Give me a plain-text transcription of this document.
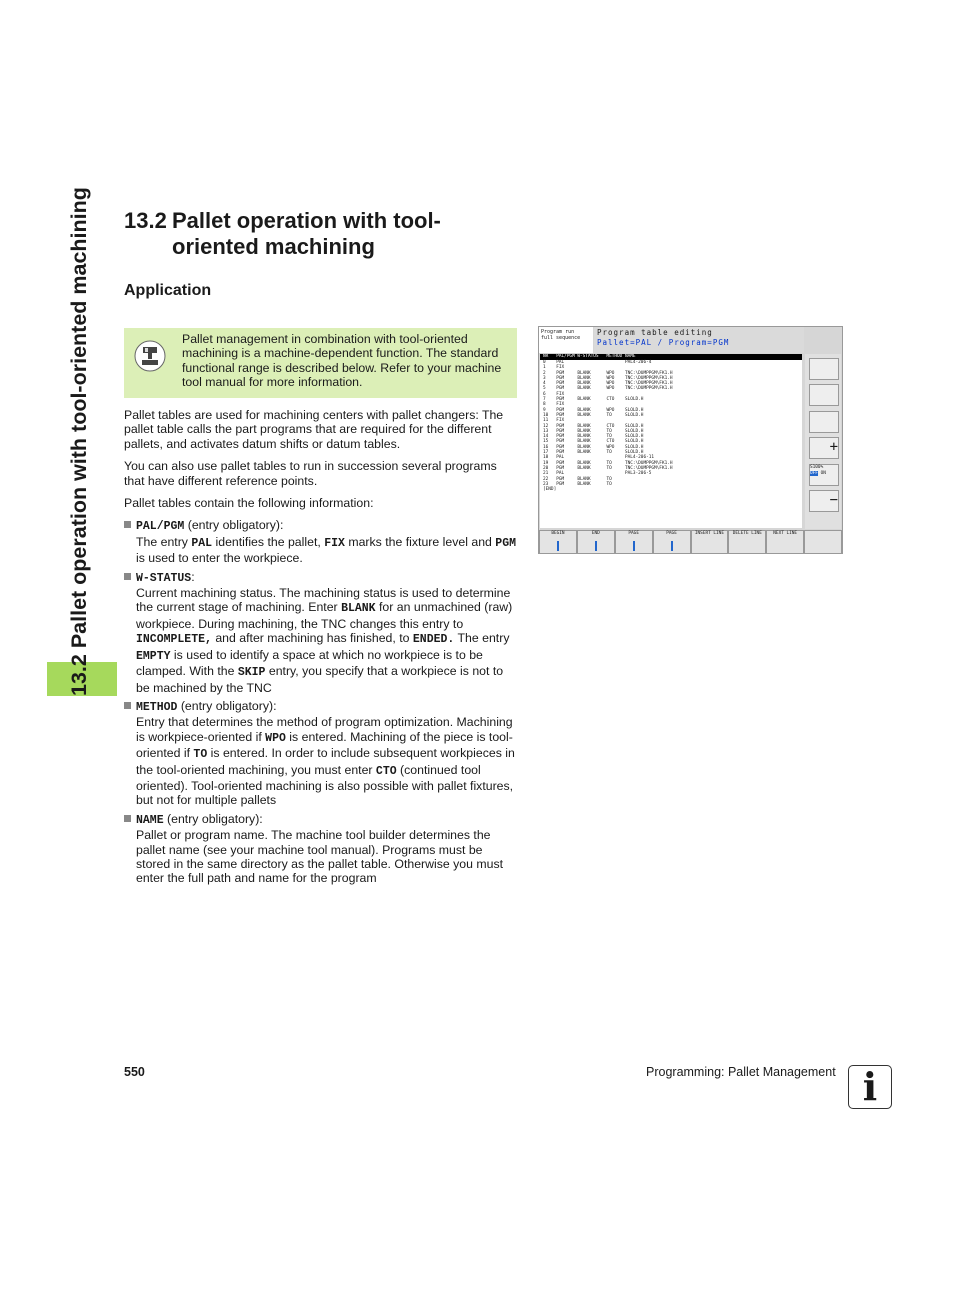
13.2 Pallet operation with tool-oriented machining	13.2 Pallet operation with tool-
oriented machining
Application
Pallet management in combination with tool-oriented machining is a machine-dependent function. The standard functional range is described below. Refer to your machine tool manual for more information.

Pallet tables are used for machining centers with pallet changers: The pallet table calls the part programs that are required for the different pallets, and activates datum shifts or datum tables.

You can also use pallet tables to run in succession several programs that have different reference points.

Pallet tables contain the following information:

PAL/PGM (entry obligatory):
The entry PAL identifies the pallet, FIX marks the fixture level and PGM is used to enter the workpiece.
W-STATUS:
Current machining status. The machining status is used to determine the current stage of machining. Enter BLANK for an unmachined (raw) workpiece. During machining, the TNC changes this entry to INCOMPLETE, and after machining has finished, to ENDED. The entry EMPTY is used to identify a space at which no workpiece is to be clamped. With the SKIP entry, you specify that a workpiece is not to be machined by the TNC
METHOD (entry obligatory):
Entry that determines the method of program optimization. Machining is workpiece-oriented if WPO is entered. Machining of the piece is tool-oriented if TO is entered. In order to include subsequent workpieces in the tool-oriented machining, you must enter CTO (continued tool oriented). Tool-oriented machining is also possible with pallet fixtures, but not for multiple pallets
NAME (entry obligatory):
Pallet or program name. The machine tool builder determines the pallet name (see your machine tool manual). Programs must be stored in the same directory as the pallet table. Otherwise you must enter the full path and name for the program
Program run
full sequence
Program table editing
Pallet=PAL / Program=PGM
NR   PAL/PGM W-STATUS   METHOD NAME
0    PAL                       PAL4-206-4
1    FIX
2    PGM     BLANK      WPO    TNC:\DUMPPGM\FK1.H
3    PGM     BLANK      WPO    TNC:\DUMPPGM\FK1.H
4    PGM     BLANK      WPO    TNC:\DUMPPGM\FK1.H
5    PGM     BLANK      WPO    TNC:\DUMPPGM\FK1.H
6    FIX
7    PGM     BLANK      CTO    SLOLD.H
8    FIX
9    PGM     BLANK      WPO    SLOLD.H
10   PGM     BLANK      TO     SLOLD.H
11   FIX
12   PGM     BLANK      CTO    SLOLD.H
13   PGM     BLANK      TO     SLOLD.H
14   PGM     BLANK      TO     SLOLD.H
15   PGM     BLANK      CTO    SLOLD.H
16   PGM     BLANK      WPO    SLOLD.H
17   PGM     BLANK      TO     SLOLD.H
18   PAL                       PAL4-206-11
19   PGM     BLANK      TO     TNC:\DUMPPGM\FK1.H
20   PGM     BLANK      TO     TNC:\DUMPPGM\FK1.H
21   PAL                       PAL3-206-5
22   PGM     BLANK      TO
23   PGM     BLANK      TO
[END]
+
S100%
OFF ON
−
BEGIN	END	PAGE	PAGE	INSERT LINE	DELETE LINE	NEXT LINE
550	Programming: Pallet Management i
